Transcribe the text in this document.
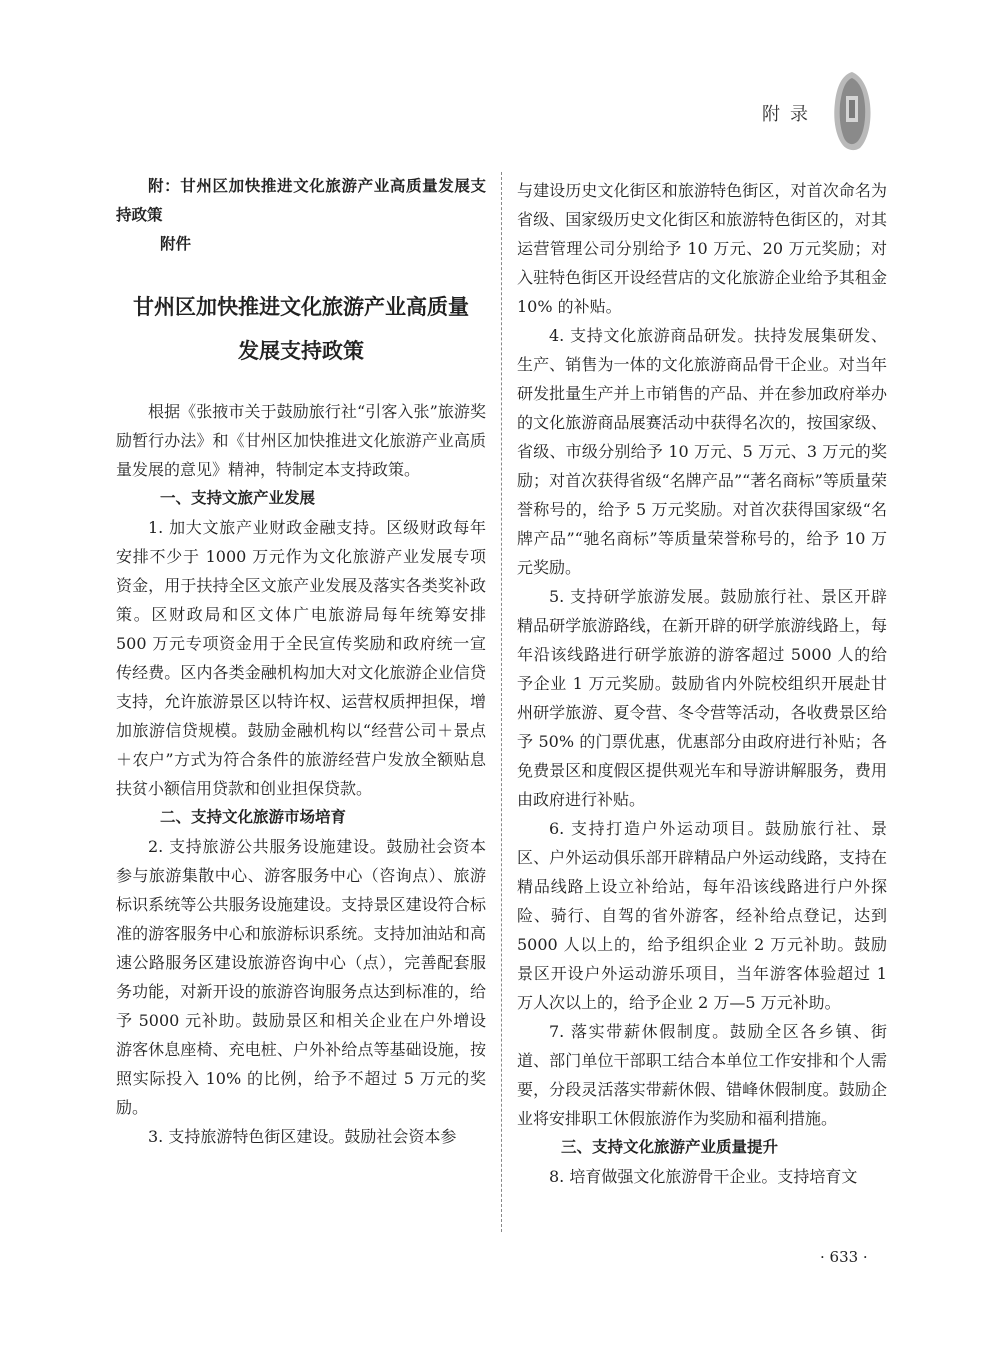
附录

附：甘州区加快推进文化旅游产业高质量发展支持政策

附件

甘州区加快推进文化旅游产业高质量

发展支持政策

根据《张掖市关于鼓励旅行社“引客入张”旅游奖励暂行办法》和《甘州区加快推进文化旅游产业高质量发展的意见》精神，特制定本支持政策。

一、支持文旅产业发展

1. 加大文旅产业财政金融支持。区级财政每年安排不少于 1000 万元作为文化旅游产业发展专项资金，用于扶持全区文旅产业发展及落实各类奖补政策。区财政局和区文体广电旅游局每年统筹安排 500 万元专项资金用于全民宣传奖励和政府统一宣传经费。区内各类金融机构加大对文化旅游企业信贷支持，允许旅游景区以特许权、运营权质押担保，增加旅游信贷规模。鼓励金融机构以“经营公司＋景点＋农户”方式为符合条件的旅游经营户发放全额贴息扶贫小额信用贷款和创业担保贷款。

二、支持文化旅游市场培育

2. 支持旅游公共服务设施建设。鼓励社会资本参与旅游集散中心、游客服务中心（咨询点）、旅游标识系统等公共服务设施建设。支持景区建设符合标准的游客服务中心和旅游标识系统。支持加油站和高速公路服务区建设旅游咨询中心（点），完善配套服务功能，对新开设的旅游咨询服务点达到标准的，给予 5000 元补助。鼓励景区和相关企业在户外增设游客休息座椅、充电桩、户外补给点等基础设施，按照实际投入 10% 的比例，给予不超过 5 万元的奖励。

3. 支持旅游特色街区建设。鼓励社会资本参

与建设历史文化街区和旅游特色街区，对首次命名为省级、国家级历史文化街区和旅游特色街区的，对其运营管理公司分别给予 10 万元、20 万元奖励；对入驻特色街区开设经营店的文化旅游企业给予其租金 10% 的补贴。

4. 支持文化旅游商品研发。扶持发展集研发、生产、销售为一体的文化旅游商品骨干企业。对当年研发批量生产并上市销售的产品、并在参加政府举办的文化旅游商品展赛活动中获得名次的，按国家级、省级、市级分别给予 10 万元、5 万元、3 万元的奖励；对首次获得省级“名牌产品”“著名商标”等质量荣誉称号的，给予 5 万元奖励。对首次获得国家级“名牌产品”“驰名商标”等质量荣誉称号的，给予 10 万元奖励。

5. 支持研学旅游发展。鼓励旅行社、景区开辟精品研学旅游路线，在新开辟的研学旅游线路上，每年沿该线路进行研学旅游的游客超过 5000 人的给予企业 1 万元奖励。鼓励省内外院校组织开展赴甘州研学旅游、夏令营、冬令营等活动，各收费景区给予 50% 的门票优惠，优惠部分由政府进行补贴；各免费景区和度假区提供观光车和导游讲解服务，费用由政府进行补贴。

6. 支持打造户外运动项目。鼓励旅行社、景区、户外运动俱乐部开辟精品户外运动线路，支持在精品线路上设立补给站，每年沿该线路进行户外探险、骑行、自驾的省外游客，经补给点登记，达到 5000 人以上的，给予组织企业 2 万元补助。鼓励景区开设户外运动游乐项目，当年游客体验超过 1 万人次以上的，给予企业 2 万—5 万元补助。

7. 落实带薪休假制度。鼓励全区各乡镇、街道、部门单位干部职工结合本单位工作安排和个人需要，分段灵活落实带薪休假、错峰休假制度。鼓励企业将安排职工休假旅游作为奖励和福利措施。

三、支持文化旅游产业质量提升

8. 培育做强文化旅游骨干企业。支持培育文

· 633 ·
